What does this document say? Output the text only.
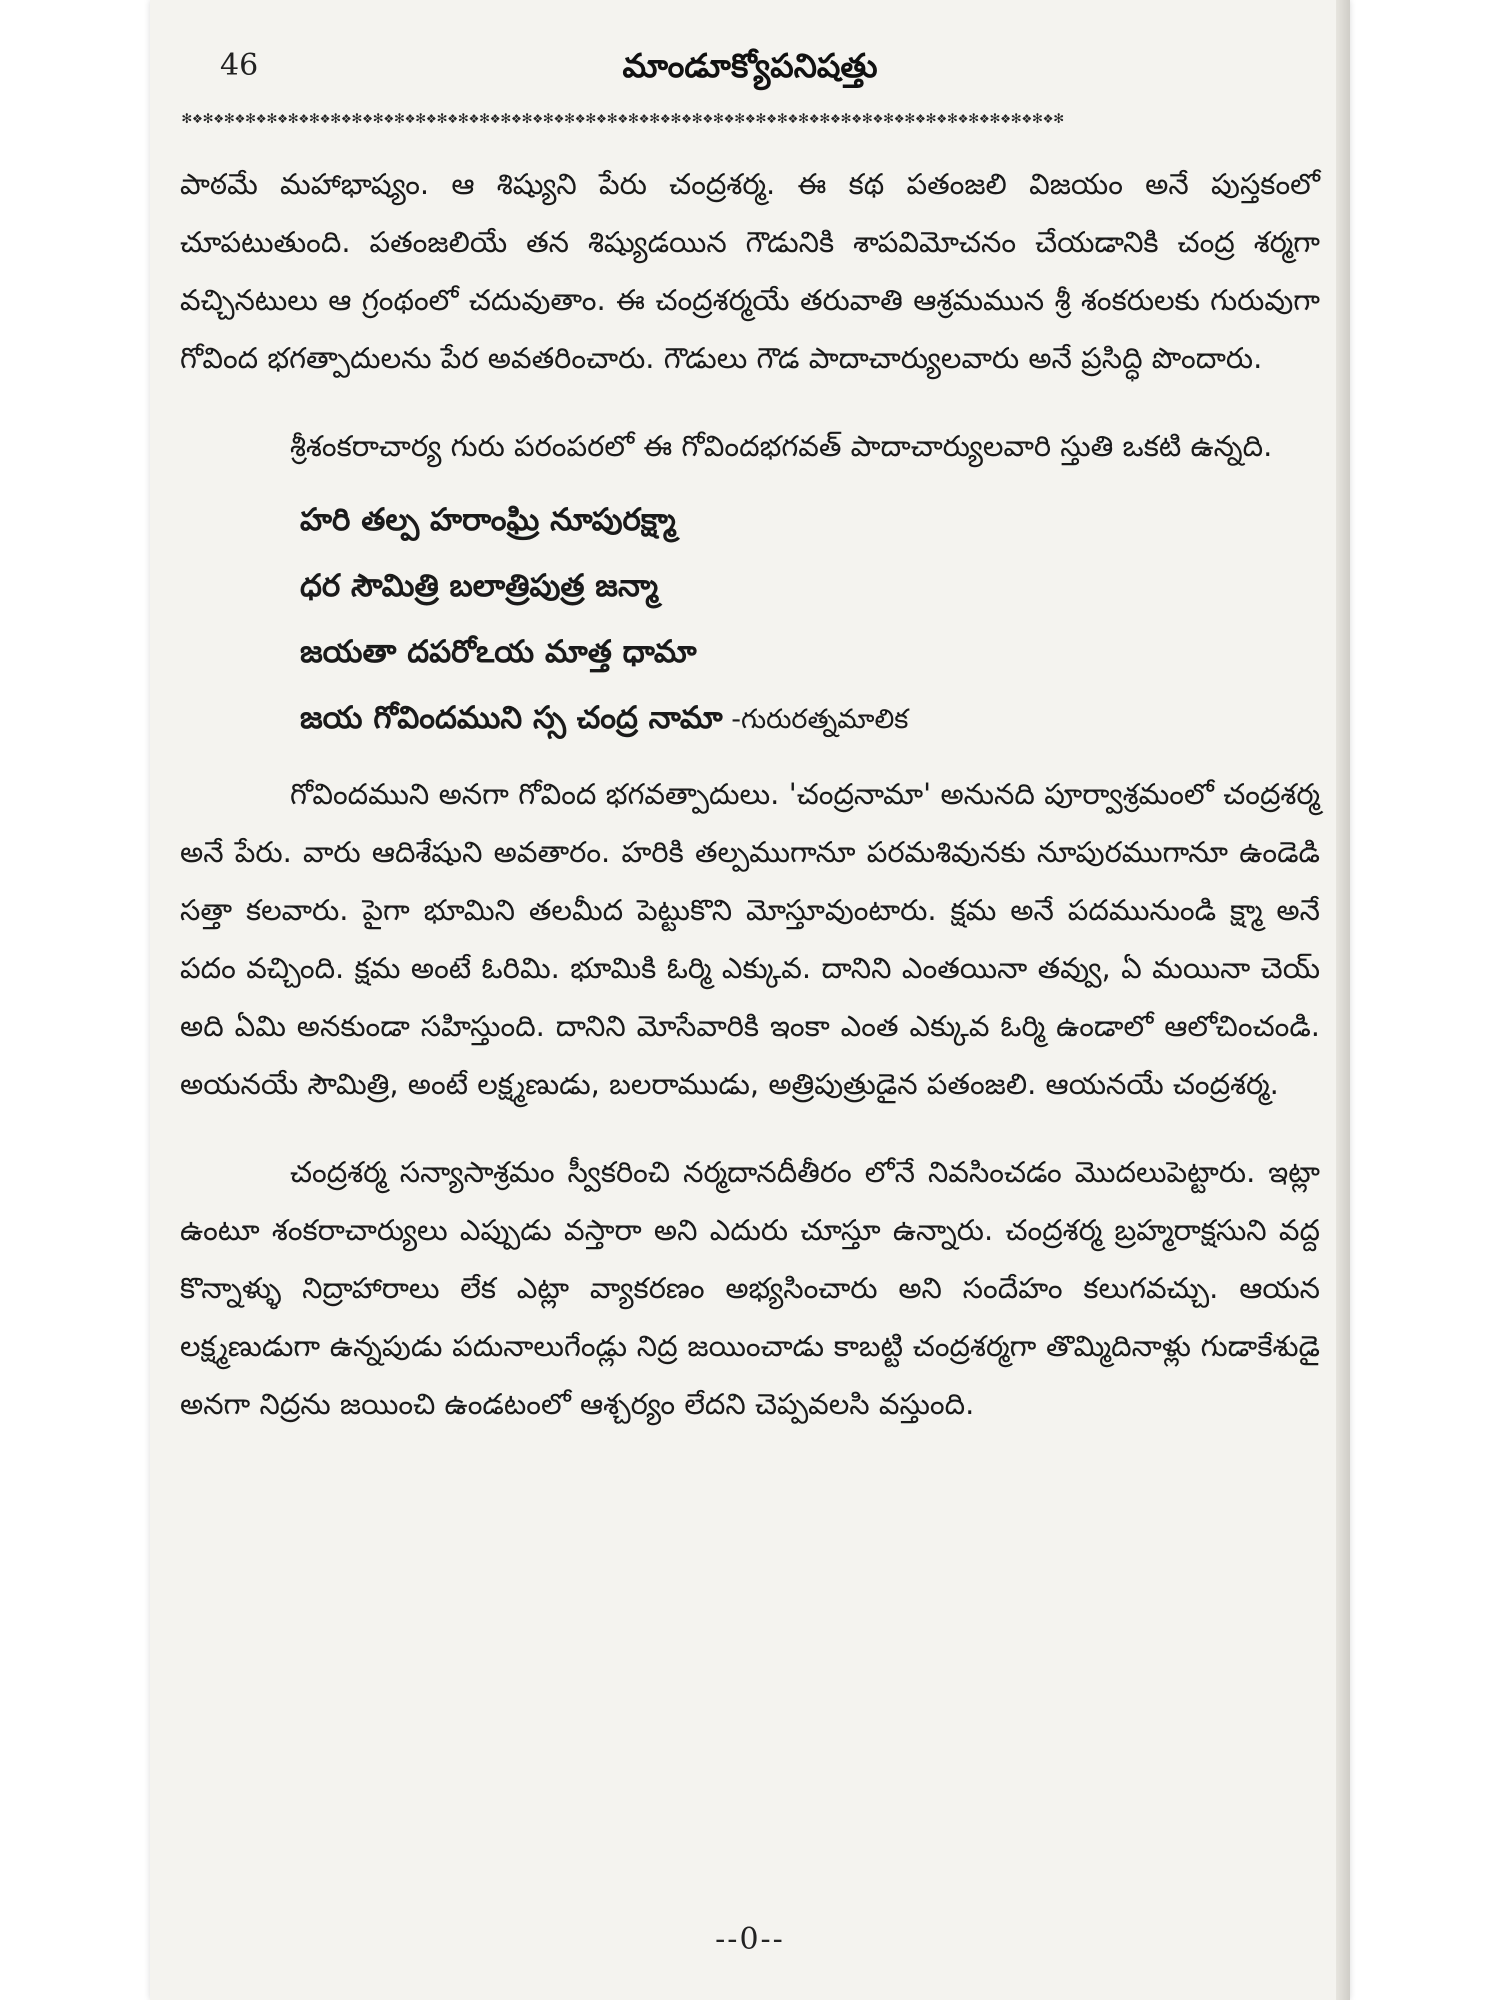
46	మాండూక్యోపనిషత్తు
✻❖✻❖✻❖✻❖✻❖✻❖✻❖✻❖✻❖✻❖✻❖✻❖✻❖✻❖✻❖✻❖✻❖✻❖✻❖✻❖✻❖✻❖✻❖✻❖✻❖✻❖✻❖✻❖✻❖✻❖✻❖✻❖✻❖✻❖✻❖✻❖✻❖✻❖✻❖✻❖✻❖✻

పాఠమే మహాభాష్యం. ఆ శిష్యుని పేరు చంద్రశర్మ. ఈ కథ పతంజలి విజయం అనే పుస్తకంలో చూపటుతుంది. పతంజలియే తన శిష్యుడయిన గౌడునికి శాపవిమోచనం చేయడానికి చంద్ర శర్మగా వచ్చినటులు ఆ గ్రంథంలో చదువుతాం. ఈ చంద్రశర్మయే తరువాతి ఆశ్రమమున శ్రీ శంకరులకు గురువుగా గోవింద భగత్పాదులను పేర అవతరించారు. గౌడులు గౌడ పాదాచార్యులవారు అనే ప్రసిద్ధి పొందారు.

శ్రీశంకరాచార్య గురు పరంపరలో ఈ గోవిందభగవత్ పాదాచార్యులవారి స్తుతి ఒకటి ఉన్నది.

హరి తల్ప హరాంఘ్రి నూపురక్ష్మా

ధర సౌమిత్రి బలాత్రిపుత్ర జన్మా

జయతా దపరోఽయ మాత్త ధామా

జయ గోవిందముని స్స చంద్ర నామా -గురురత్నమాలిక

గోవిందముని అనగా గోవింద భగవత్పాదులు. 'చంద్రనామా' అనునది పూర్వాశ్రమంలో చంద్రశర్మ అనే పేరు. వారు ఆదిశేషుని అవతారం. హరికి తల్పముగానూ పరమశివునకు నూపురముగానూ ఉండెడి సత్తా కలవారు. పైగా భూమిని తలమీద పెట్టుకొని మోస్తూవుంటారు. క్షమ అనే పదమునుండి క్ష్మా అనే పదం వచ్చింది. క్షమ అంటే ఓరిమి. భూమికి ఓర్మి ఎక్కువ. దానిని ఎంతయినా తవ్వు, ఏ మయినా చెయ్ అది ఏమి అనకుండా సహిస్తుంది. దానిని మోసేవారికి ఇంకా ఎంత ఎక్కువ ఓర్మి ఉండాలో ఆలోచించండి. అయనయే సౌమిత్రి, అంటే లక్ష్మణుడు, బలరాముడు, అత్రిపుత్రుడైన పతంజలి. ఆయనయే చంద్రశర్మ.

చంద్రశర్మ సన్యాసాశ్రమం స్వీకరించి నర్మదానదీతీరం లోనే నివసించడం మొదలుపెట్టారు. ఇట్లా ఉంటూ శంకరాచార్యులు ఎప్పుడు వస్తారా అని ఎదురు చూస్తూ ఉన్నారు. చంద్రశర్మ బ్రహ్మరాక్షసుని వద్ద కొన్నాళ్ళు నిద్రాహారాలు లేక ఎట్లా వ్యాకరణం అభ్యసించారు అని సందేహం కలుగవచ్చు. ఆయన లక్ష్మణుడుగా ఉన్నపుడు పదునాలుగేండ్లు నిద్ర జయించాడు కాబట్టి చంద్రశర్మగా తొమ్మిదినాళ్లు గుడాకేశుడై అనగా నిద్రను జయించి ఉండటంలో ఆశ్చర్యం లేదని చెప్పవలసి వస్తుంది.

--0--
